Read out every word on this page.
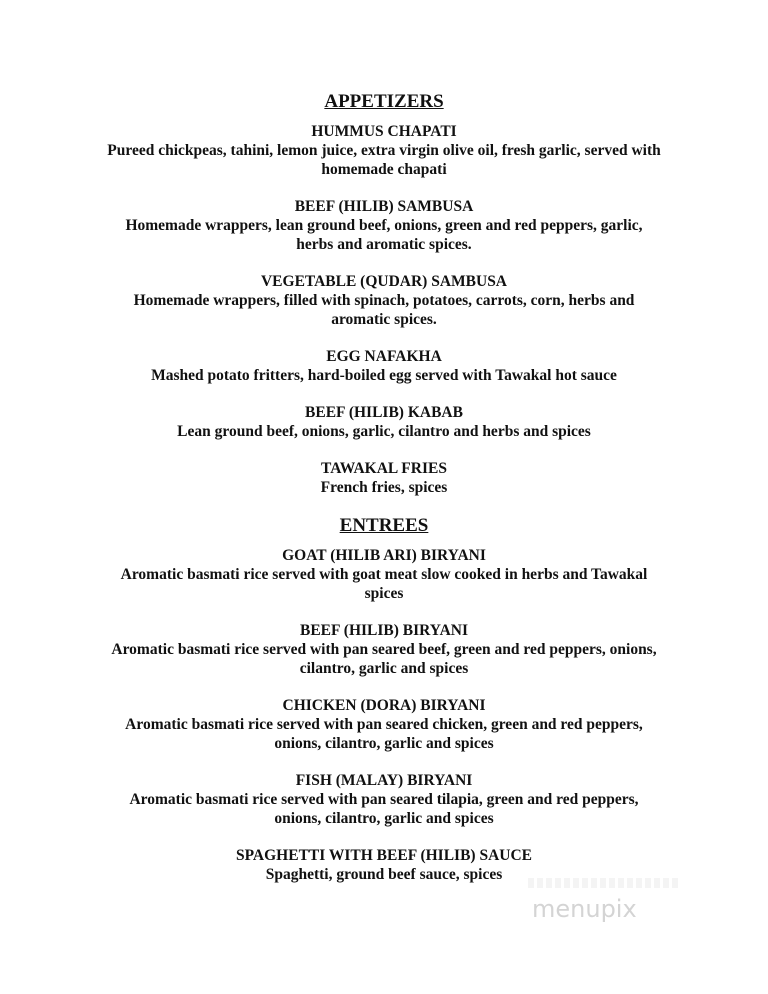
APPETIZERS
HUMMUS CHAPATI
Pureed chickpeas, tahini, lemon juice, extra virgin olive oil, fresh garlic, served with
homemade chapati
BEEF (HILIB) SAMBUSA
Homemade wrappers, lean ground beef, onions, green and red peppers, garlic,
herbs and aromatic spices.
VEGETABLE (QUDAR) SAMBUSA
Homemade wrappers, filled with spinach, potatoes, carrots, corn, herbs and
aromatic spices.
EGG NAFAKHA
Mashed potato fritters, hard-boiled egg served with Tawakal hot sauce
BEEF (HILIB) KABAB
Lean ground beef, onions, garlic, cilantro and herbs and spices
TAWAKAL FRIES
French fries, spices
ENTREES
GOAT (HILIB ARI) BIRYANI
Aromatic basmati rice served with goat meat slow cooked in herbs and Tawakal
spices
BEEF (HILIB) BIRYANI
Aromatic basmati rice served with pan seared beef, green and red peppers, onions,
cilantro, garlic and spices
CHICKEN (DORA) BIRYANI
Aromatic basmati rice served with pan seared chicken, green and red peppers,
onions, cilantro, garlic and spices
FISH (MALAY) BIRYANI
Aromatic basmati rice served with pan seared tilapia, green and red peppers,
onions, cilantro, garlic and spices
SPAGHETTI WITH BEEF (HILIB) SAUCE
Spaghetti, ground beef sauce, spices
menupix
